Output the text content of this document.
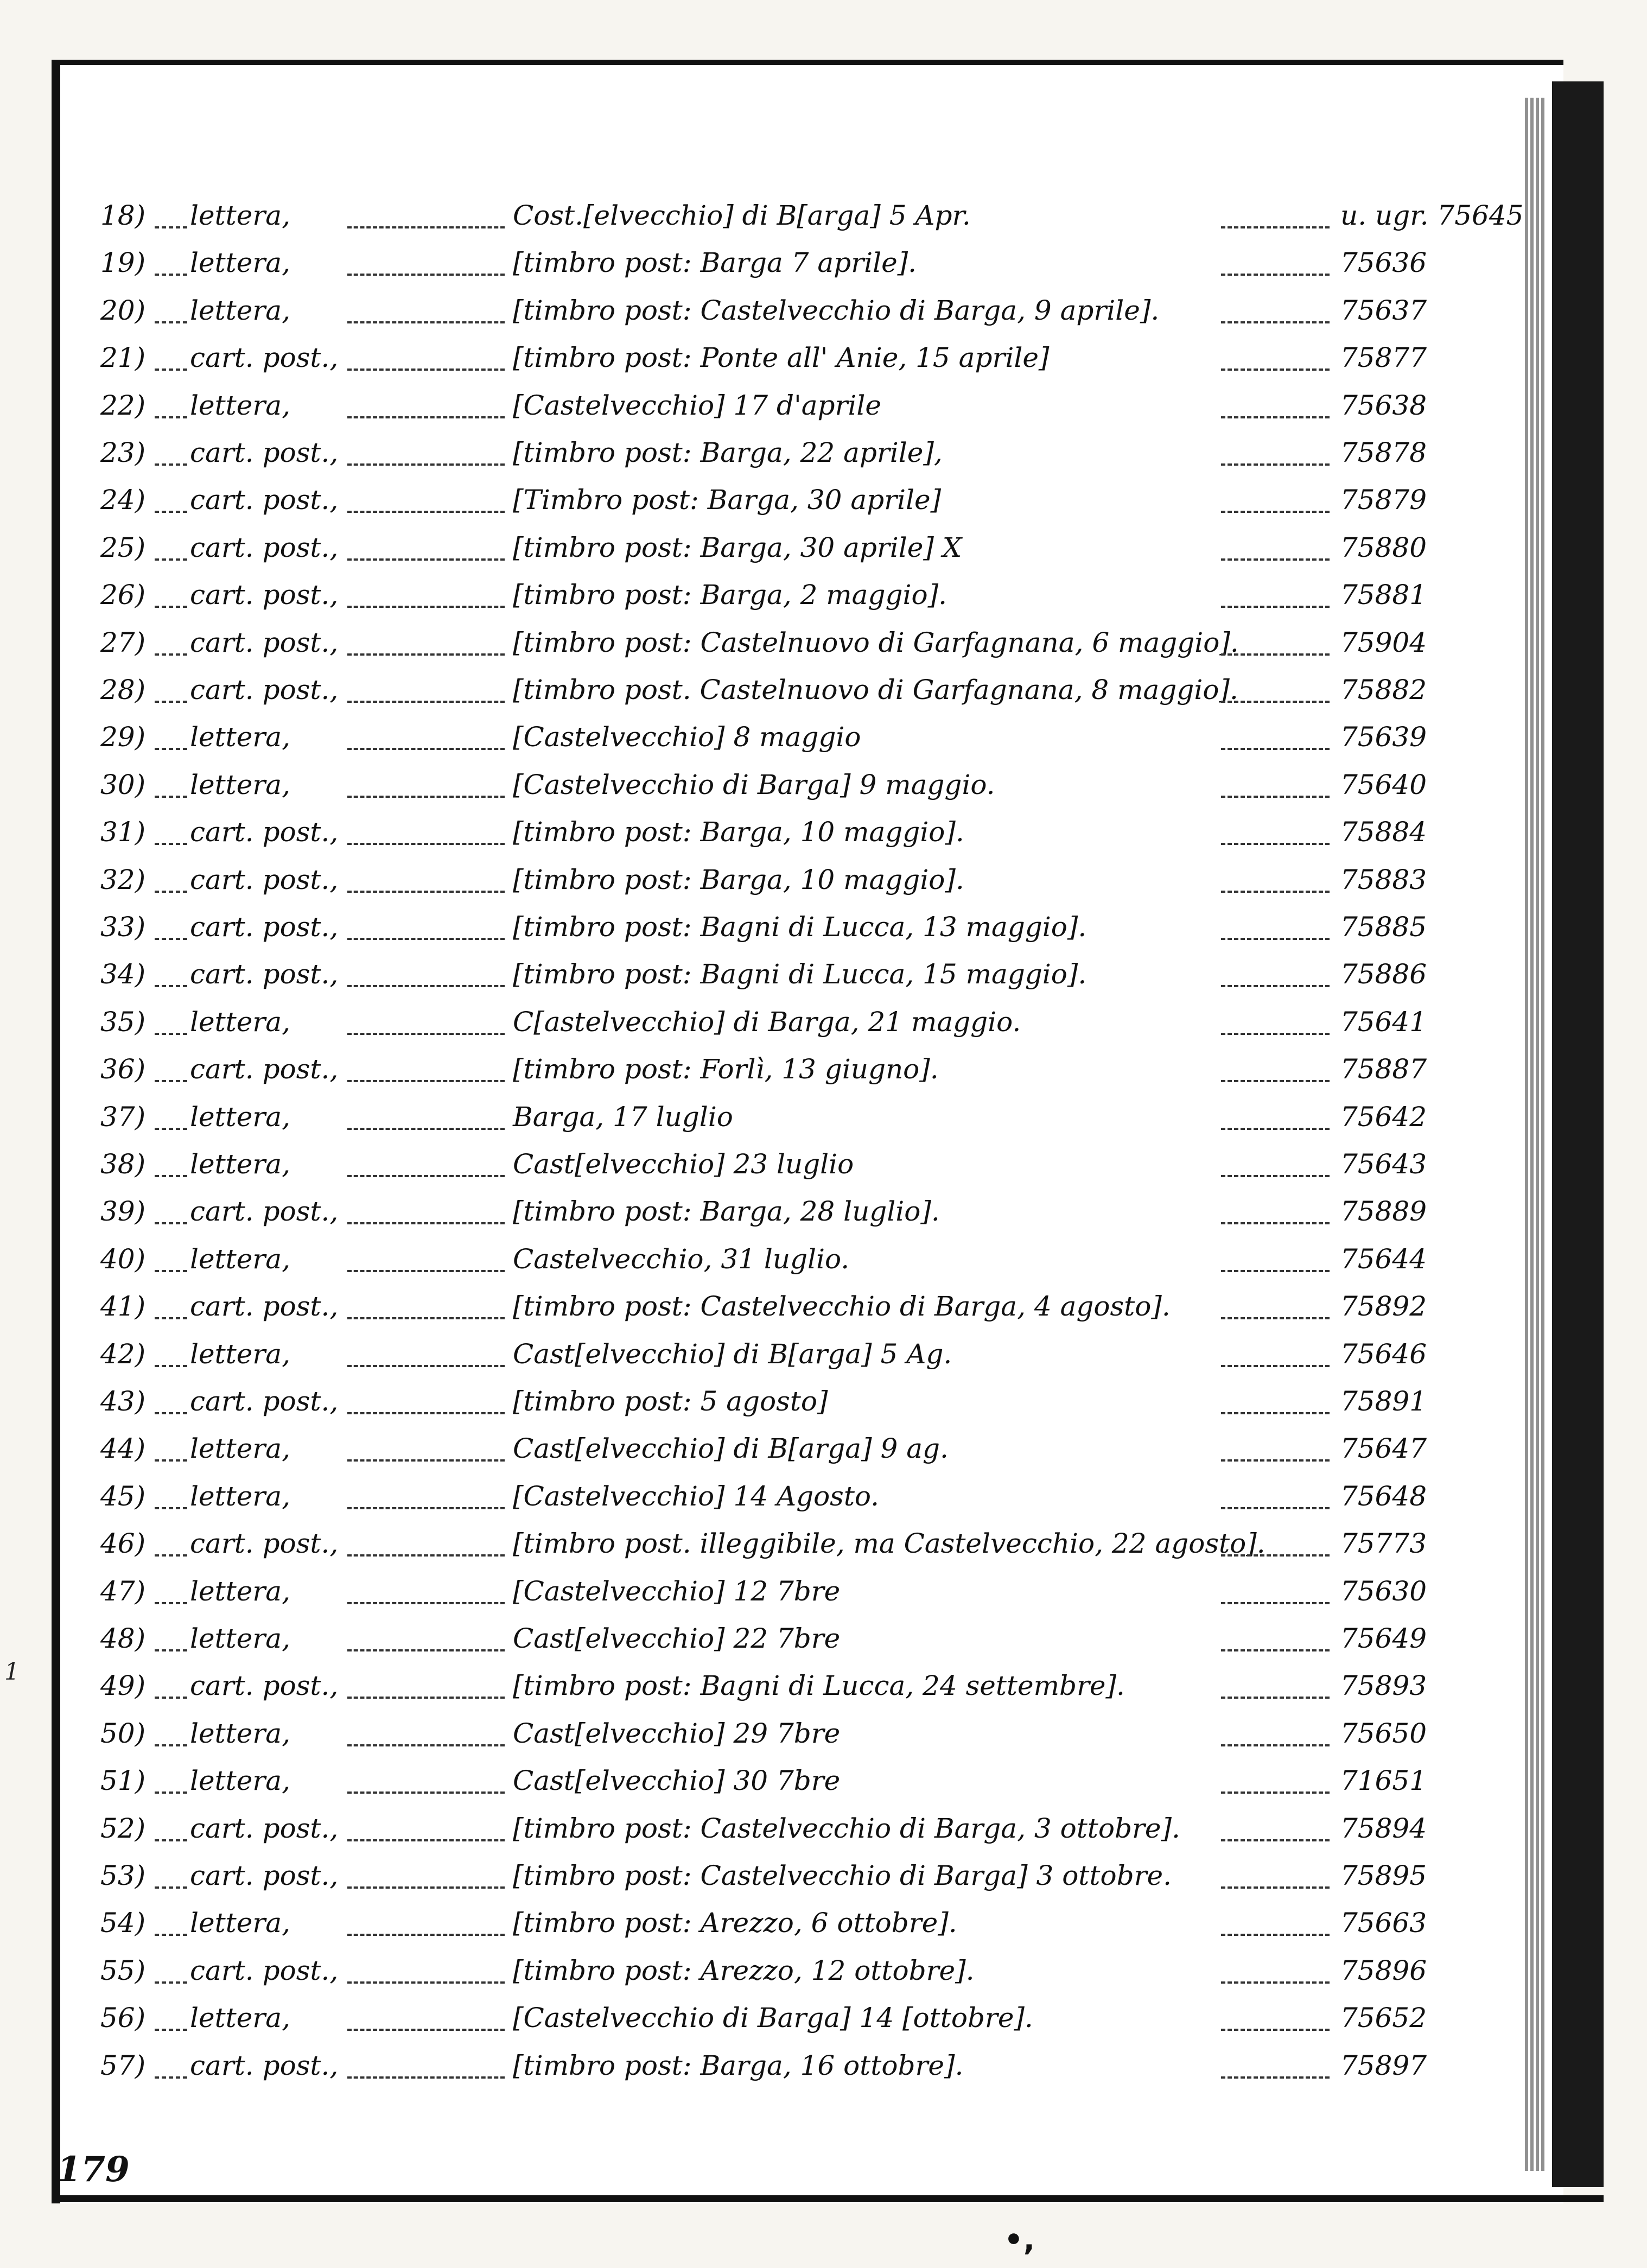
18) lettera,	Cost.[elvecchio] di B[arga] 5 Apr.	u. ugr. 75645
19) lettera,	[timbro post: Barga 7 aprile].	75636
20) lettera,	[timbro post: Castelvecchio di Barga, 9 aprile].	75637
21) cart. post.,	[timbro post: Ponte all' Anie, 15 aprile]	75877
22) lettera,	[Castelvecchio] 17 d'aprile	75638
23) cart. post.,	[timbro post: Barga, 22 aprile],	75878
24) cart. post.,	[Timbro post: Barga, 30 aprile]	75879
25) cart. post.,	[timbro post: Barga, 30 aprile] X	75880
26) cart. post.,	[timbro post: Barga, 2 maggio].	75881
27) cart. post.,	[timbro post: Castelnuovo di Garfagnana, 6 maggio].	75904
28) cart. post.,	[timbro post. Castelnuovo di Garfagnana, 8 maggio].	75882
29) lettera,	[Castelvecchio] 8 maggio	75639
30) lettera,	[Castelvecchio di Barga] 9 maggio.	75640
31) cart. post.,	[timbro post: Barga, 10 maggio].	75884
32) cart. post.,	[timbro post: Barga, 10 maggio].	75883
33) cart. post.,	[timbro post: Bagni di Lucca, 13 maggio].	75885
34) cart. post.,	[timbro post: Bagni di Lucca, 15 maggio].	75886
35) lettera,	C[astelvecchio] di Barga, 21 maggio.	75641
36) cart. post.,	[timbro post: Forlì, 13 giugno].	75887
37) lettera,	Barga, 17 luglio	75642
38) lettera,	Cast[elvecchio] 23 luglio	75643
39) cart. post.,	[timbro post: Barga, 28 luglio].	75889
40) lettera,	Castelvecchio, 31 luglio.	75644
41) cart. post.,	[timbro post: Castelvecchio di Barga, 4 agosto].	75892
42) lettera,	Cast[elvecchio] di B[arga] 5 Ag.	75646
43) cart. post.,	[timbro post: 5 agosto]	75891
44) lettera,	Cast[elvecchio] di B[arga] 9 ag.	75647
45) lettera,	[Castelvecchio] 14 Agosto.	75648
46) cart. post.,	[timbro post. illeggibile, ma Castelvecchio, 22 agosto].	75773
47) lettera,	[Castelvecchio] 12 7bre	75630
48) lettera,	Cast[elvecchio] 22 7bre	75649
49) cart. post.,	[timbro post: Bagni di Lucca, 24 settembre].	75893
50) lettera,	Cast[elvecchio] 29 7bre	75650
51) lettera,	Cast[elvecchio] 30 7bre	71651
52) cart. post.,	[timbro post: Castelvecchio di Barga, 3 ottobre].	75894
53) cart. post.,	[timbro post: Castelvecchio di Barga] 3 ottobre.	75895
54) lettera,	[timbro post: Arezzo, 6 ottobre].	75663
55) cart. post.,	[timbro post: Arezzo, 12 ottobre].	75896
56) lettera,	[Castelvecchio di Barga] 14 [ottobre].	75652
57) cart. post.,	[timbro post: Barga, 16 ottobre].	75897
179
1
•,
